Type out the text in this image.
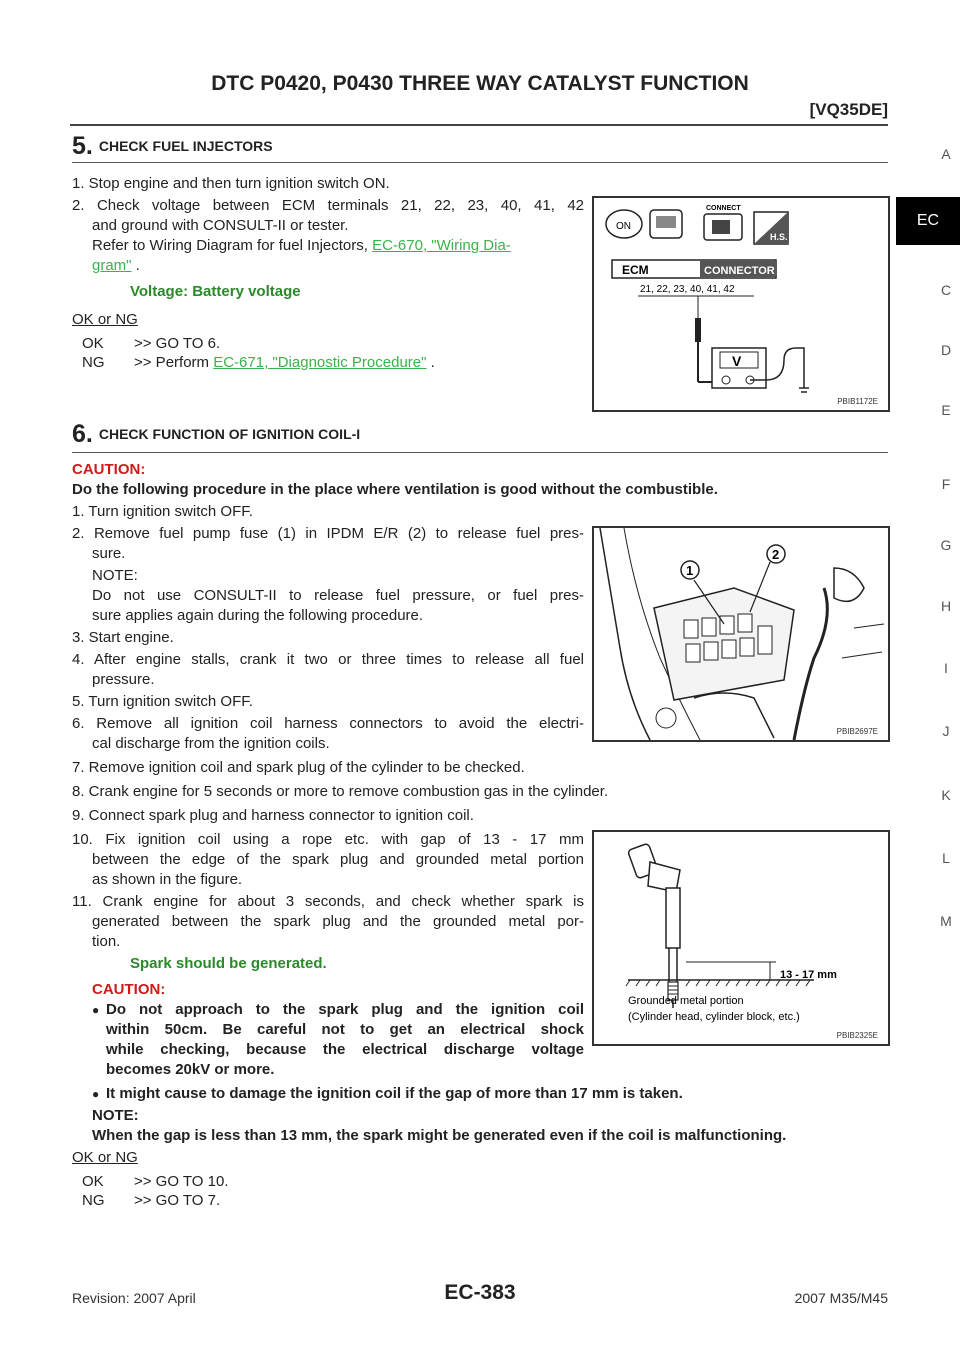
DTC P0420, P0430 THREE WAY CATALYST FUNCTION
[VQ35DE]
A
EC
C
D
E
F
G
H
I
J
K
L
M
5. CHECK FUEL INJECTORS
1. Stop engine and then turn ignition switch ON.
2. Check voltage between ECM terminals 21, 22, 23, 40, 41, 42
and ground with CONSULT-II or tester.
Refer to Wiring Diagram for fuel Injectors, EC-670, "Wiring Dia-
gram" .
Voltage: Battery voltage
OK or NG
OK >> GO TO 6.
NG >> Perform EC-671, "Diagnostic Procedure" .
ON
CONNECT
H.S.
ECM	CONNECTOR
21, 22, 23, 40, 41, 42
V
PBIB1172E
6. CHECK FUNCTION OF IGNITION COIL-I
CAUTION:
Do the following procedure in the place where ventilation is good without the combustible.
1. Turn ignition switch OFF.
2. Remove fuel pump fuse (1) in IPDM E/R (2) to release fuel pres-
sure.
NOTE:
Do not use CONSULT-II to release fuel pressure, or fuel pres-
sure applies again during the following procedure.
3. Start engine.
4. After engine stalls, crank it two or three times to release all fuel
pressure.
5. Turn ignition switch OFF.
6. Remove all ignition coil harness connectors to avoid the electri-
cal discharge from the ignition coils.
7. Remove ignition coil and spark plug of the cylinder to be checked.
8. Crank engine for 5 seconds or more to remove combustion gas in the cylinder.
9. Connect spark plug and harness connector to ignition coil.
10. Fix ignition coil using a rope etc. with gap of 13 - 17 mm
between the edge of the spark plug and grounded metal portion
as shown in the figure.
11. Crank engine for about 3 seconds, and check whether spark is
generated between the spark plug and the grounded metal por-
tion.
Spark should be generated.
CAUTION:
● Do not approach to the spark plug and the ignition coil
within 50cm. Be careful not to get an electrical shock
while checking, because the electrical discharge voltage
becomes 20kV or more.
● It might cause to damage the ignition coil if the gap of more than 17 mm is taken.
NOTE:
When the gap is less than 13 mm, the spark might be generated even if the coil is malfunctioning.
OK or NG
OK >> GO TO 10.
NG >> GO TO 7.
1
2
PBIB2697E
13 - 17 mm
Grounded metal portion
(Cylinder head, cylinder block, etc.)
PBIB2325E
Revision: 2007 April	EC-383	2007 M35/M45
